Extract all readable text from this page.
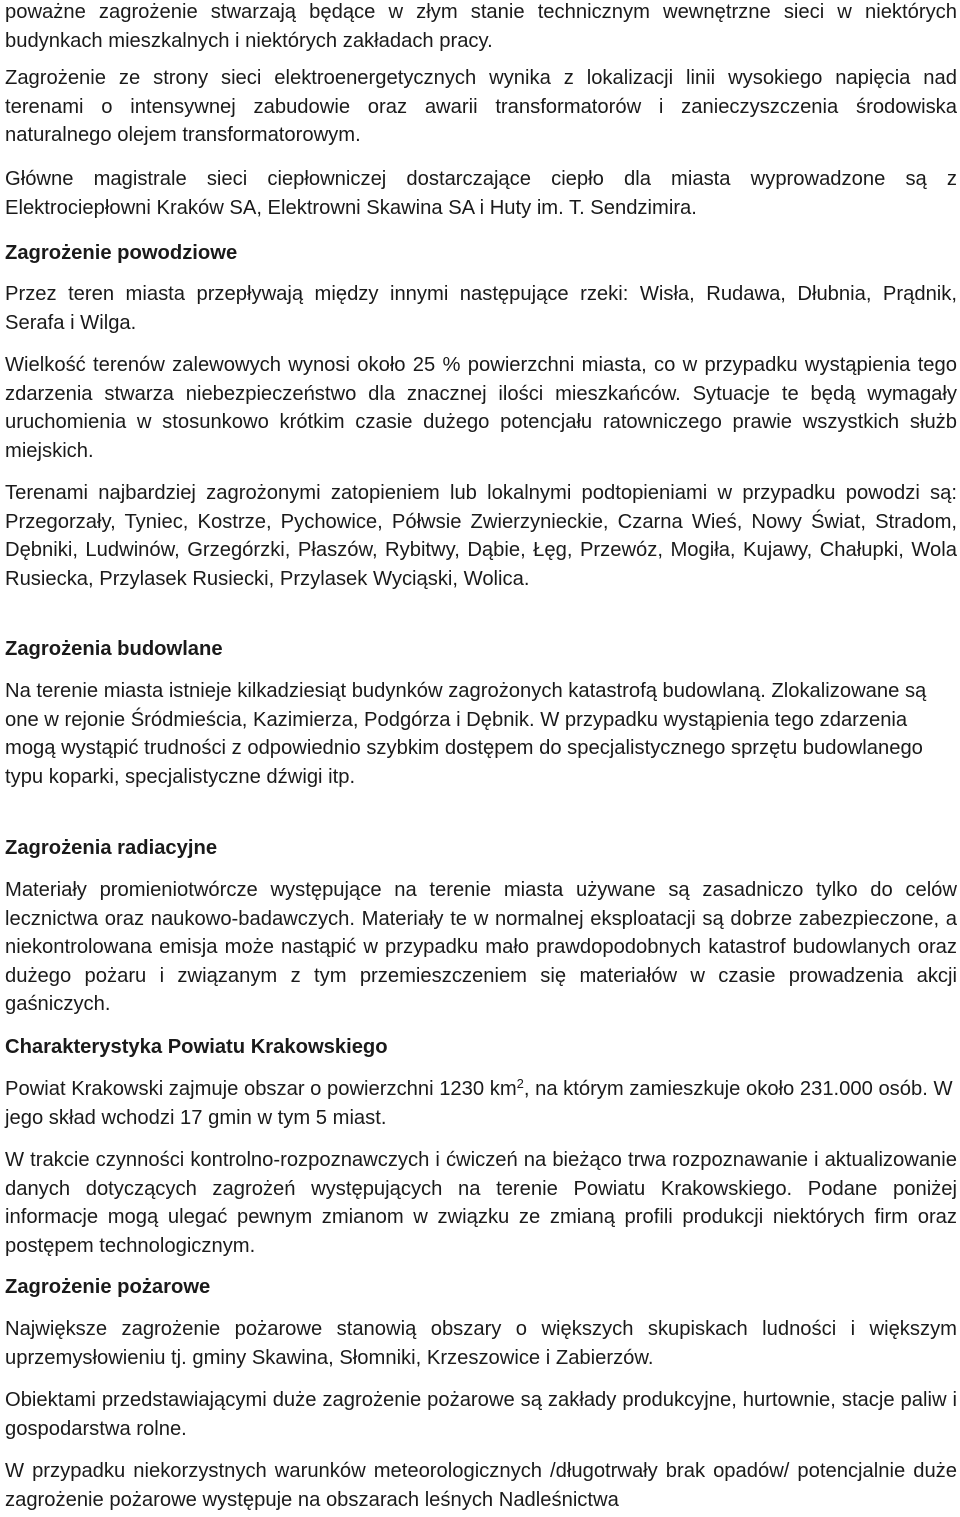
poważne zagrożenie stwarzają będące w złym stanie technicznym wewnętrzne sieci w niektórych budynkach mieszkalnych i niektórych zakładach pracy.

Zagrożenie ze strony sieci elektroenergetycznych wynika z lokalizacji linii wysokiego napięcia nad terenami o intensywnej zabudowie oraz awarii transformatorów i zanieczyszczenia środowiska naturalnego olejem transformatorowym.

Główne magistrale sieci ciepłowniczej dostarczające ciepło dla miasta wyprowadzone są z Elektrociepłowni Kraków SA, Elektrowni Skawina SA i Huty im. T. Sendzimira.

Zagrożenie powodziowe

Przez teren miasta przepływają między innymi następujące rzeki: Wisła, Rudawa, Dłubnia, Prądnik, Serafa i Wilga.

Wielkość terenów zalewowych wynosi około 25 % powierzchni miasta, co w przypadku wystąpienia tego zdarzenia stwarza niebezpieczeństwo dla znacznej ilości mieszkańców. Sytuacje te będą wymagały uruchomienia w stosunkowo krótkim czasie dużego potencjału ratowniczego prawie wszystkich służb miejskich.

Terenami najbardziej zagrożonymi zatopieniem lub lokalnymi podtopieniami w przypadku powodzi są: Przegorzały, Tyniec, Kostrze, Pychowice, Półwsie Zwierzynieckie, Czarna Wieś, Nowy Świat, Stradom, Dębniki, Ludwinów, Grzegórzki, Płaszów, Rybitwy, Dąbie, Łęg, Przewóz, Mogiła, Kujawy, Chałupki, Wola Rusiecka, Przylasek Rusiecki, Przylasek Wyciąski, Wolica.

Zagrożenia budowlane

Na terenie miasta istnieje kilkadziesiąt budynków zagrożonych katastrofą budowlaną. Zlokalizowane są one w rejonie Śródmieścia, Kazimierza, Podgórza i Dębnik. W przypadku wystąpienia tego zdarzenia mogą wystąpić trudności z odpowiednio szybkim dostępem do specjalistycznego sprzętu budowlanego typu koparki, specjalistyczne dźwigi itp.

Zagrożenia radiacyjne

Materiały promieniotwórcze występujące na terenie miasta używane są zasadniczo tylko do celów lecznictwa oraz naukowo-badawczych. Materiały te w normalnej eksploatacji są dobrze zabezpieczone, a niekontrolowana emisja może nastąpić w przypadku mało prawdopodobnych katastrof budowlanych oraz dużego pożaru i związanym z tym przemieszczeniem się materiałów w czasie prowadzenia akcji gaśniczych.

Charakterystyka Powiatu Krakowskiego

Powiat Krakowski zajmuje obszar o powierzchni 1230 $km^2$, na którym zamieszkuje około 231.000 osób. W jego skład wchodzi 17 gmin w tym 5 miast.

W trakcie czynności kontrolno-rozpoznawczych i ćwiczeń na bieżąco trwa rozpoznawanie i aktualizowanie danych dotyczących zagrożeń występujących na terenie Powiatu Krakowskiego. Podane poniżej informacje mogą ulegać pewnym zmianom w związku ze zmianą profili produkcji niektórych firm oraz postępem technologicznym.

Zagrożenie pożarowe

Największe zagrożenie pożarowe stanowią obszary o większych skupiskach ludności i większym uprzemysłowieniu tj. gminy Skawina, Słomniki, Krzeszowice i Zabierzów.

Obiektami przedstawiającymi duże zagrożenie pożarowe są zakłady produkcyjne, hurtownie, stacje paliw i gospodarstwa rolne.

W przypadku niekorzystnych warunków meteorologicznych /długotrwały brak opadów/ potencjalnie duże zagrożenie pożarowe występuje na obszarach leśnych Nadleśnictwa
